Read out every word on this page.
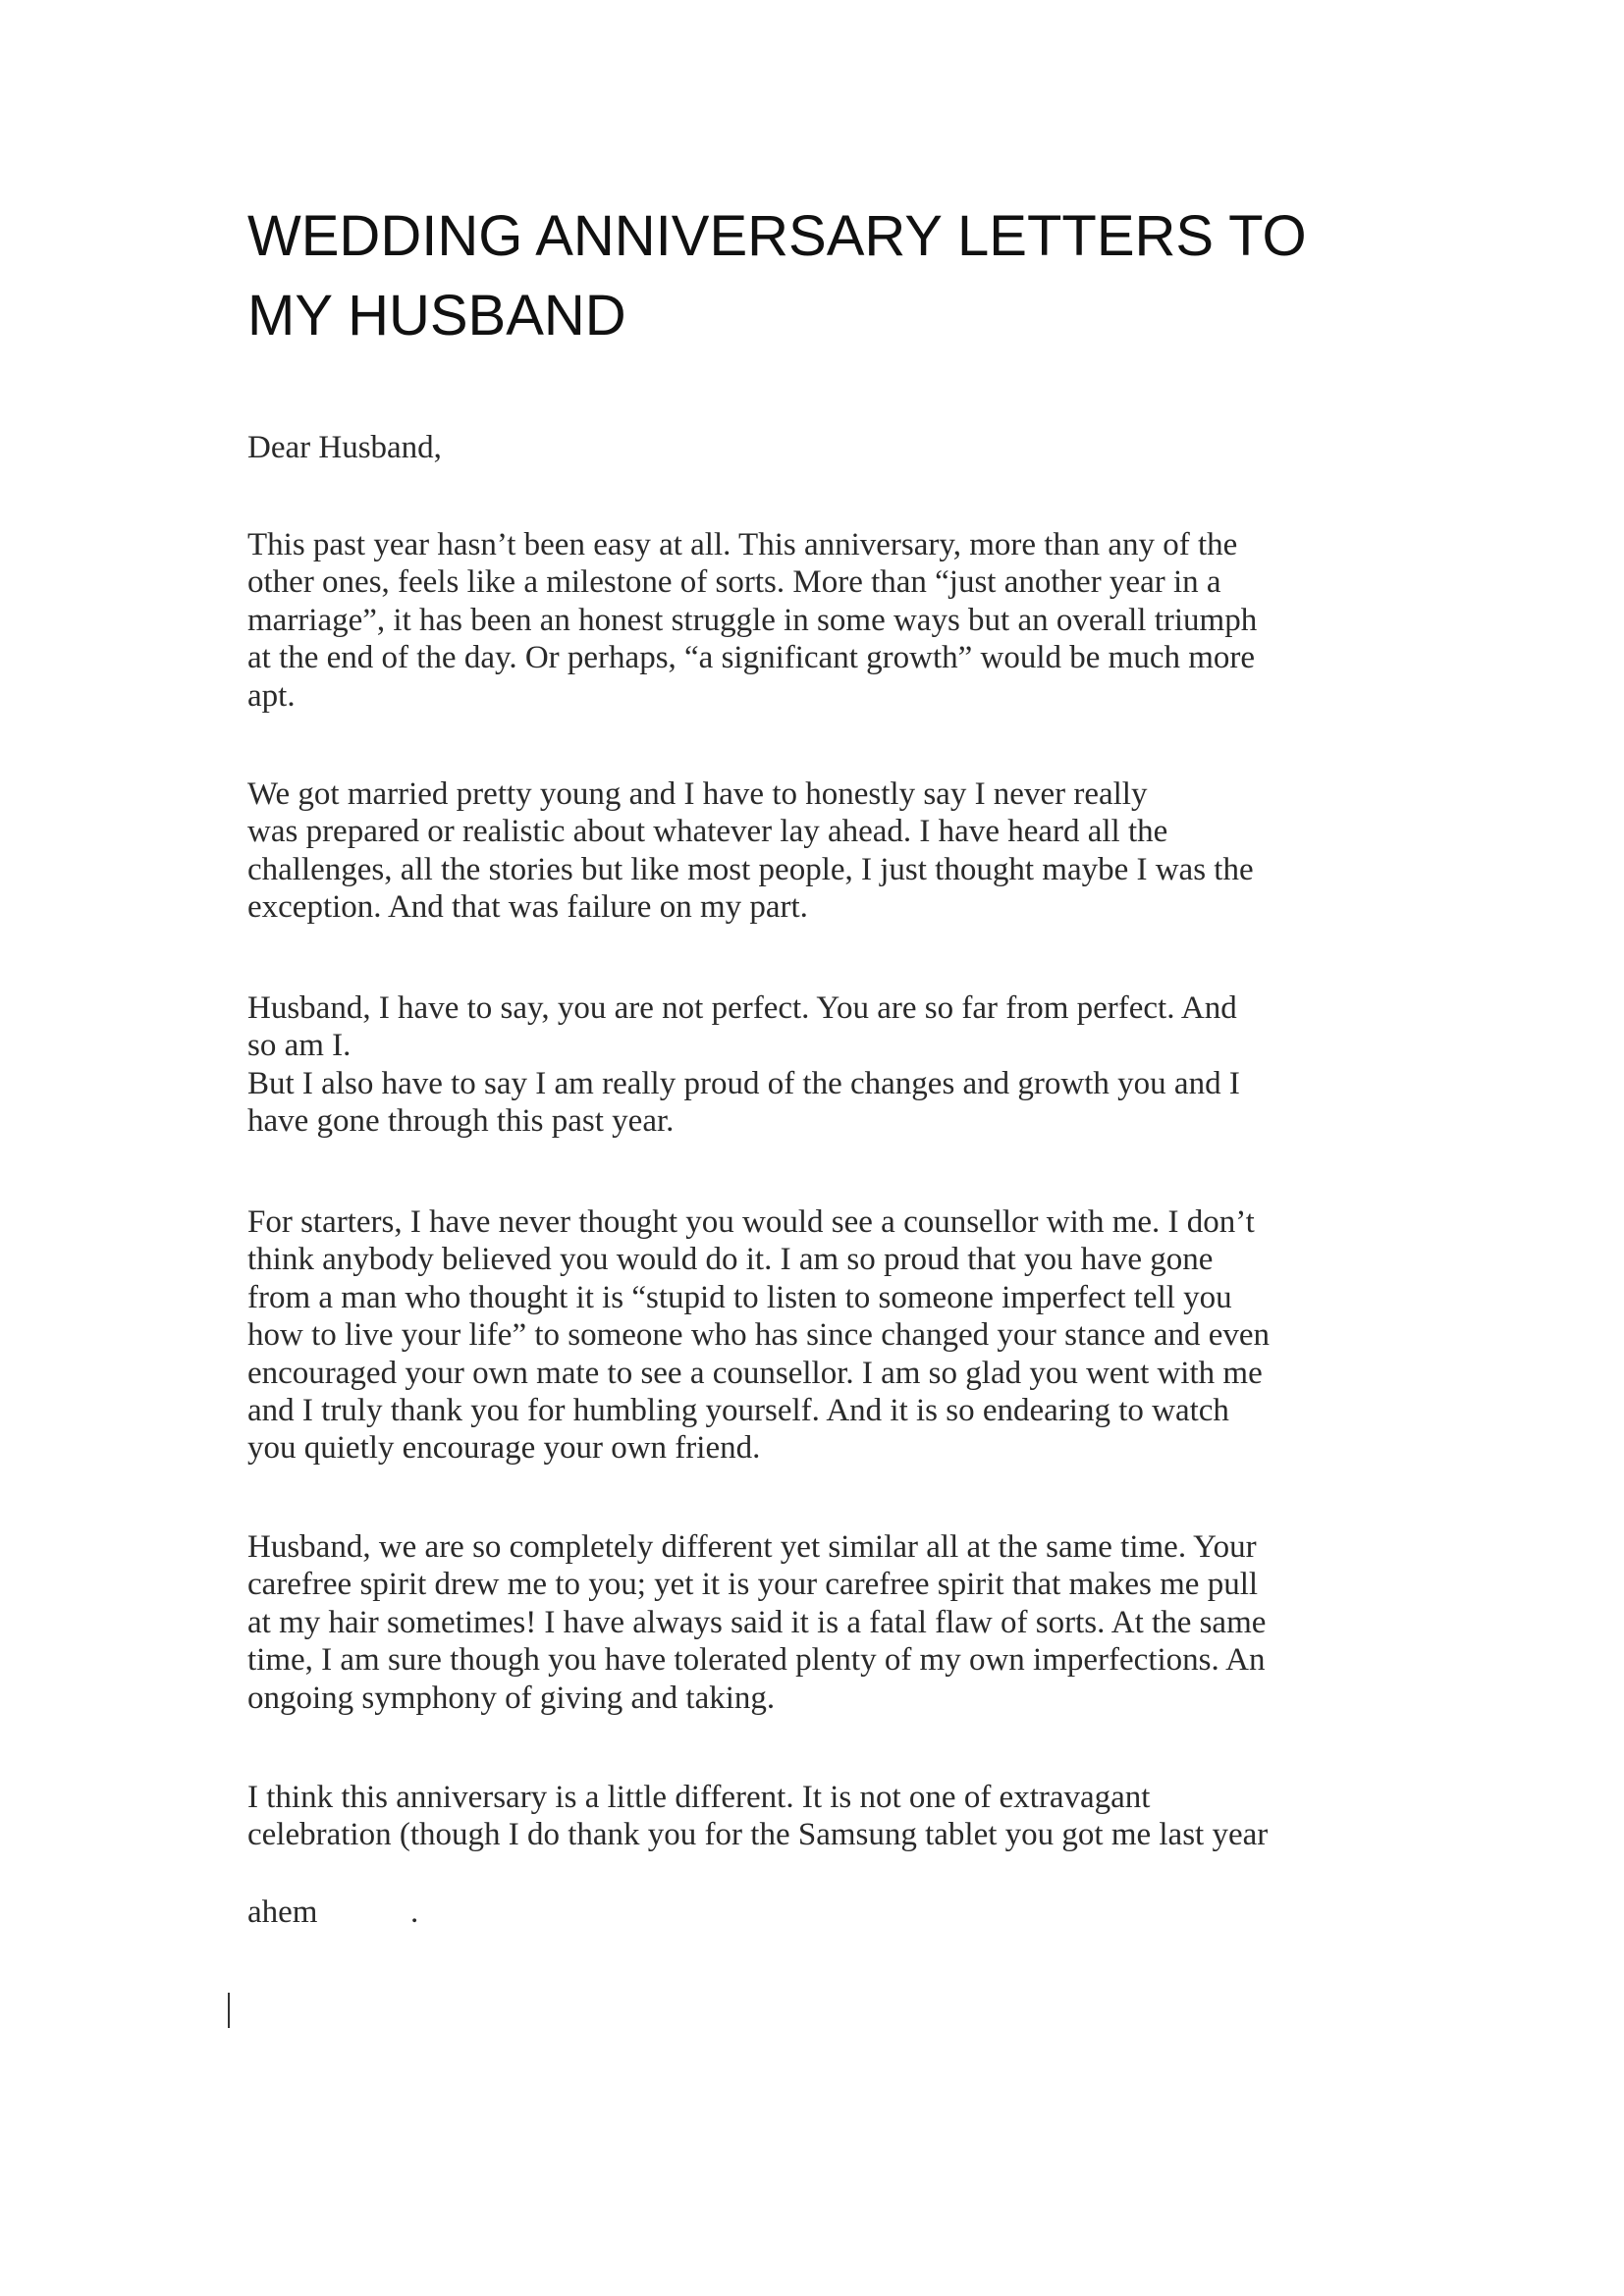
WEDDING ANNIVERSARY LETTERS TO
MY HUSBAND

Dear Husband,

This past year hasn’t been easy at all. This anniversary, more than any of the
other ones, feels like a milestone of sorts. More than “just another year in a
marriage”, it has been an honest struggle in some ways but an overall triumph
at the end of the day. Or perhaps, “a significant growth” would be much more
apt.

We got married pretty young and I have to honestly say I never really
was prepared or realistic about whatever lay ahead. I have heard all the
challenges, all the stories but like most people, I just thought maybe I was the
exception. And that was failure on my part.

Husband, I have to say, you are not perfect. You are so far from perfect. And
so am I.
But I also have to say I am really proud of the changes and growth you and I
have gone through this past year.

For starters, I have never thought you would see a counsellor with me. I don’t
think anybody believed you would do it. I am so proud that you have gone
from a man who thought it is “stupid to listen to someone imperfect tell you
how to live your life” to someone who has since changed your stance and even
encouraged your own mate to see a counsellor. I am so glad you went with me
and I truly thank you for humbling yourself. And it is so endearing to watch
you quietly encourage your own friend.

Husband, we are so completely different yet similar all at the same time. Your
carefree spirit drew me to you; yet it is your carefree spirit that makes me pull
at my hair sometimes! I have always said it is a fatal flaw of sorts. At the same
time, I am sure though you have tolerated plenty of my own imperfections. An
ongoing symphony of giving and taking.

I think this anniversary is a little different. It is not one of extravagant
celebration (though I do thank you for the Samsung tablet you got me last year

ahem	.
